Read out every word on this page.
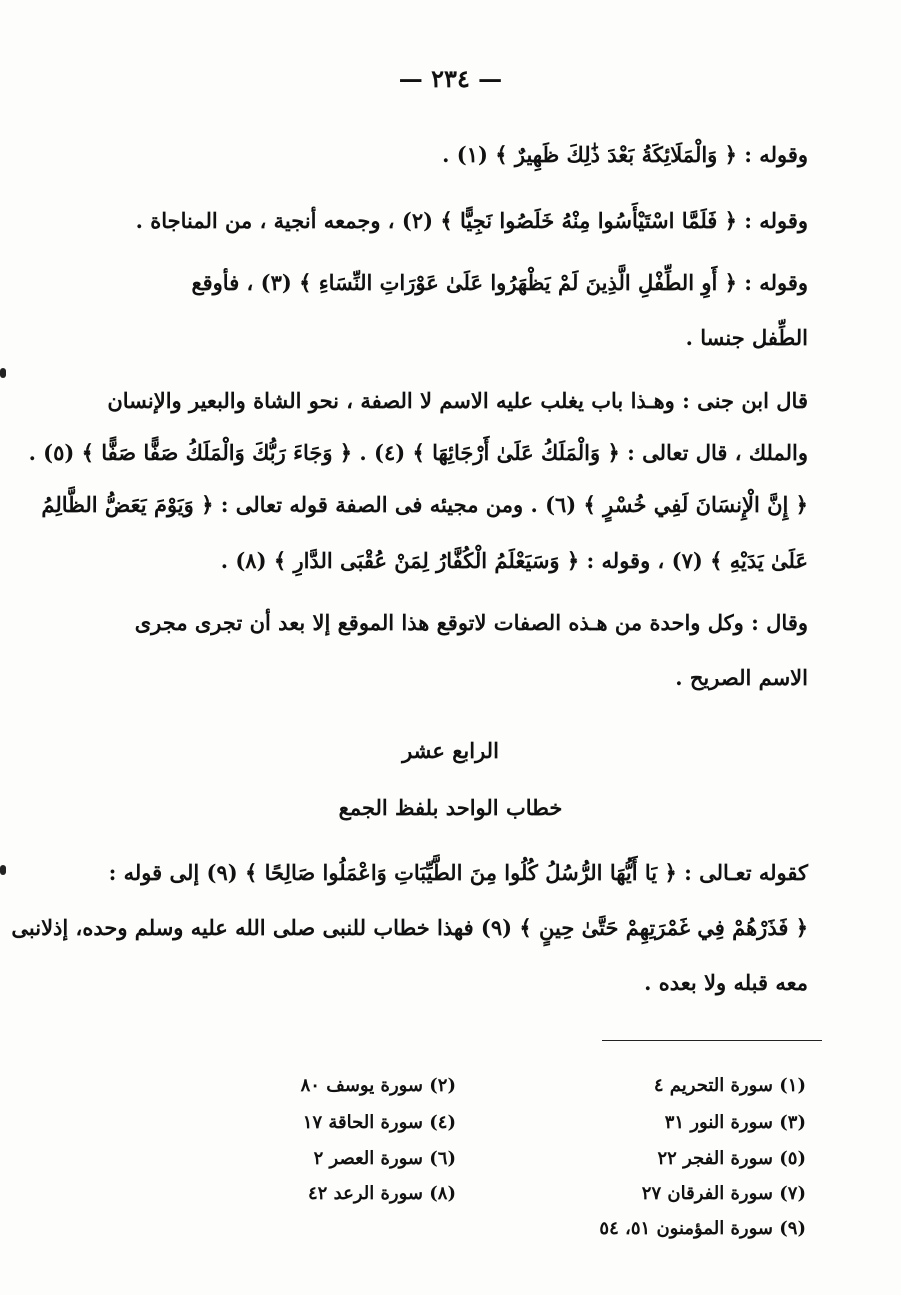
— ٢٣٤ —
وقوله : ﴿ وَالْمَلَائِكَةُ بَعْدَ ذَٰلِكَ ظَهِيرٌ ﴾ (١) .
وقوله : ﴿ فَلَمَّا اسْتَيْأَسُوا مِنْهُ خَلَصُوا نَجِيًّا ﴾ (٢) ، وجمعه أنجية ، من المناجاة .
وقوله : ﴿ أَوِ الطِّفْلِ الَّذِينَ لَمْ يَظْهَرُوا عَلَىٰ عَوْرَاتِ النِّسَاءِ ﴾ (٣) ، فأوقع
الطِّفل جنسا .
قال ابن جنى : وهـذا باب يغلب عليه الاسم لا الصفة ، نحو الشاة والبعير والإنسان
والملك ، قال تعالى : ﴿ وَالْمَلَكُ عَلَىٰ أَرْجَائِهَا ﴾ (٤) . ﴿ وَجَاءَ رَبُّكَ وَالْمَلَكُ صَفًّا صَفًّا ﴾ (٥) .
﴿ إِنَّ الْإِنسَانَ لَفِي خُسْرٍ ﴾ (٦) . ومن مجيئه فى الصفة قوله تعالى : ﴿ وَيَوْمَ يَعَضُّ الظَّالِمُ
عَلَىٰ يَدَيْهِ ﴾ (٧) ، وقوله : ﴿ وَسَيَعْلَمُ الْكُفَّارُ لِمَنْ عُقْبَى الدَّارِ ﴾ (٨) .
وقال : وكل واحدة من هـذه الصفات لاتوقع هذا الموقع إلا بعد أن تجرى مجرى
الاسم الصريح .
الرابع عشر
خطاب الواحد بلفظ الجمع
كقوله تعـالى : ﴿ يَا أَيُّهَا الرُّسُلُ كُلُوا مِنَ الطَّيِّبَاتِ وَاعْمَلُوا صَالِحًا ﴾ (٩) إلى قوله :
﴿ فَذَرْهُمْ فِي غَمْرَتِهِمْ حَتَّىٰ حِينٍ ﴾ (٩) فهذا خطاب للنبى صلى الله عليه وسلم وحده، إذلانبى
معه قبله ولا بعده .
(١) سورة التحريم ٤
(٢) سورة يوسف ٨٠
(٣) سورة النور ٣١
(٤) سورة الحاقة ١٧
(٥) سورة الفجر ٢٢
(٦) سورة العصر ٢
(٧) سورة الفرقان ٢٧
(٨) سورة الرعد ٤٢
(٩) سورة المؤمنون ٥١، ٥٤
